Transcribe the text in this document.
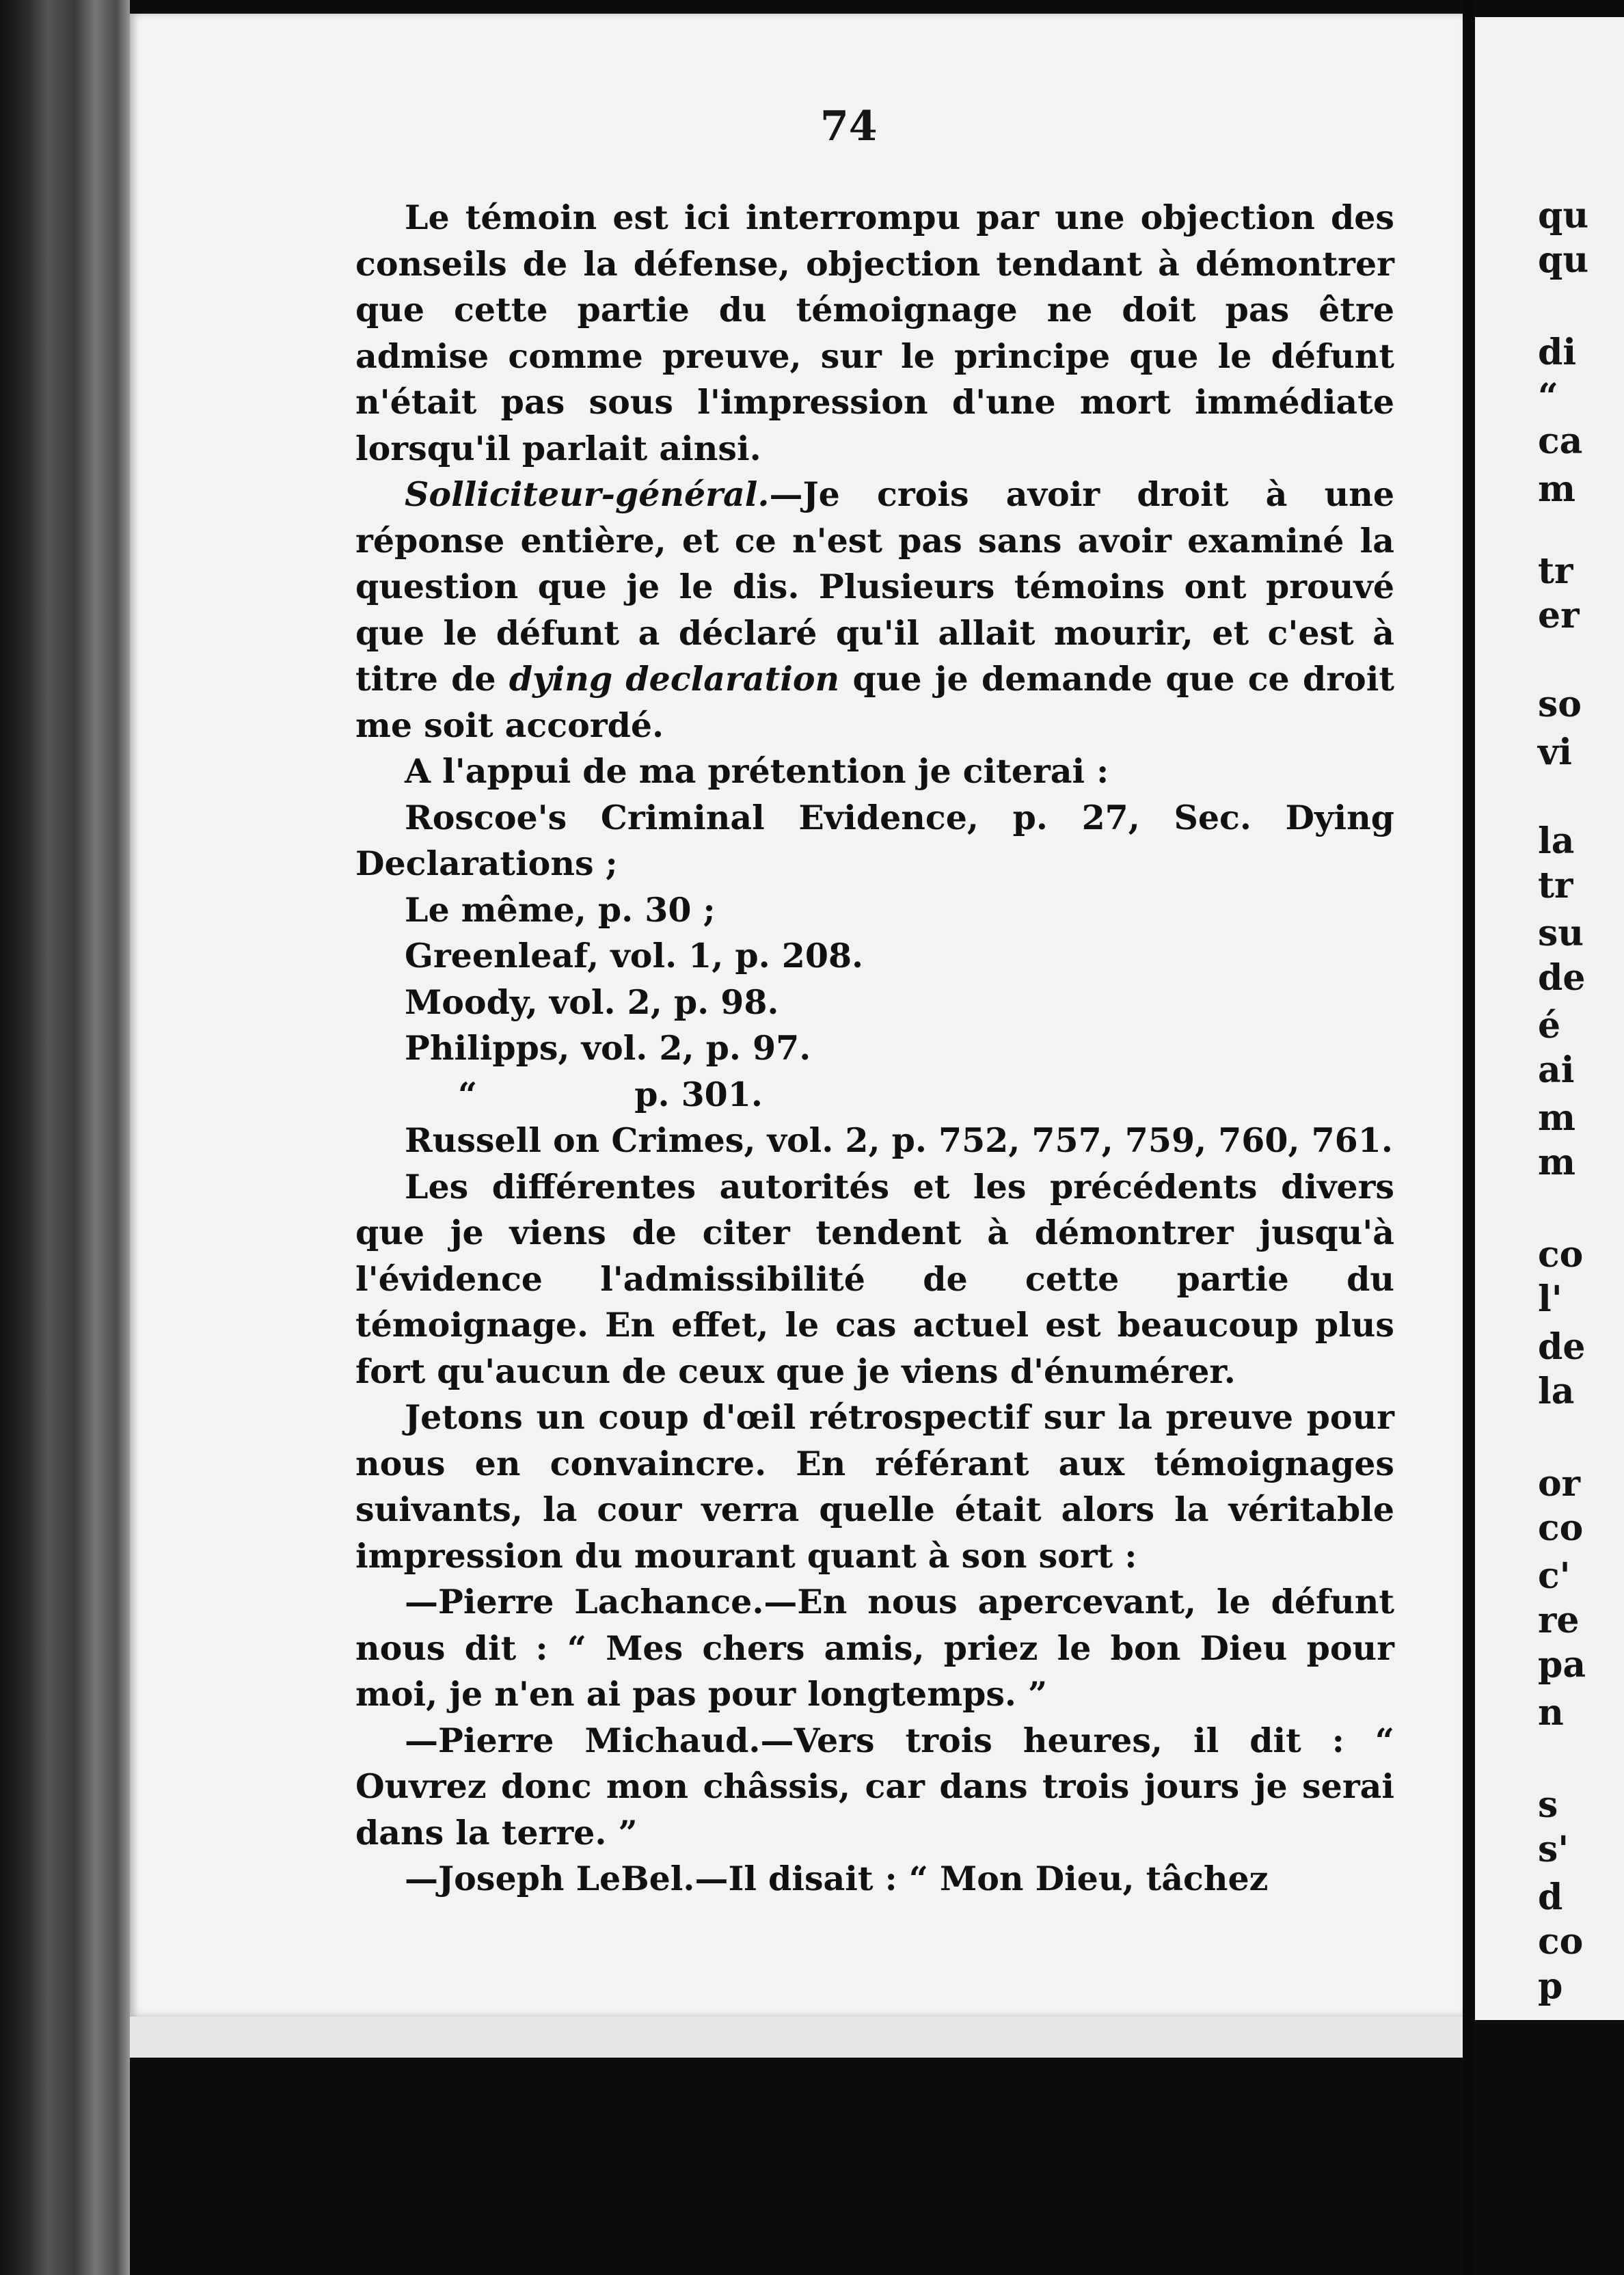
74

Le témoin est ici interrompu par une objection des conseils de la défense, objection tendant à démontrer que cette partie du témoignage ne doit pas être admise comme preuve, sur le principe que le défunt n'était pas sous l'impression d'une mort immédiate lorsqu'il parlait ainsi.

Solliciteur-général.—Je crois avoir droit à une réponse entière, et ce n'est pas sans avoir examiné la question que je le dis. Plusieurs témoins ont prouvé que le défunt a déclaré qu'il allait mourir, et c'est à titre de dying declaration que je demande que ce droit me soit accordé.

A l'appui de ma prétention je citerai :

Roscoe's Criminal Evidence, p. 27, Sec. Dying Declarations ;

Le même, p. 30 ;

Greenleaf, vol. 1, p. 208.

Moody, vol. 2, p. 98.

Philipps, vol. 2, p. 97.

“	p. 301.

Russell on Crimes, vol. 2, p. 752, 757, 759, 760, 761.

Les différentes autorités et les précédents divers que je viens de citer tendent à démontrer jusqu'à l'évidence l'admissibilité de cette partie du témoignage. En effet, le cas actuel est beaucoup plus fort qu'aucun de ceux que je viens d'énumérer.

Jetons un coup d'œil rétrospectif sur la preuve pour nous en convaincre. En référant aux témoignages suivants, la cour verra quelle était alors la véritable impression du mourant quant à son sort :

—Pierre Lachance.—En nous apercevant, le défunt nous dit : “ Mes chers amis, priez le bon Dieu pour moi, je n'en ai pas pour longtemps. ”

—Pierre Michaud.—Vers trois heures, il dit : “ Ouvrez donc mon châssis, car dans trois jours je serai dans la terre. ”

—Joseph LeBel.—Il disait : “ Mon Dieu, tâchez

qu
qu
di
“
ca
m
tr
er
so
vi
la
tr
su
de
é
ai
m
m
co
l'
de
la
or
co
c'
re
pa
n
s
s'
d
co
p
